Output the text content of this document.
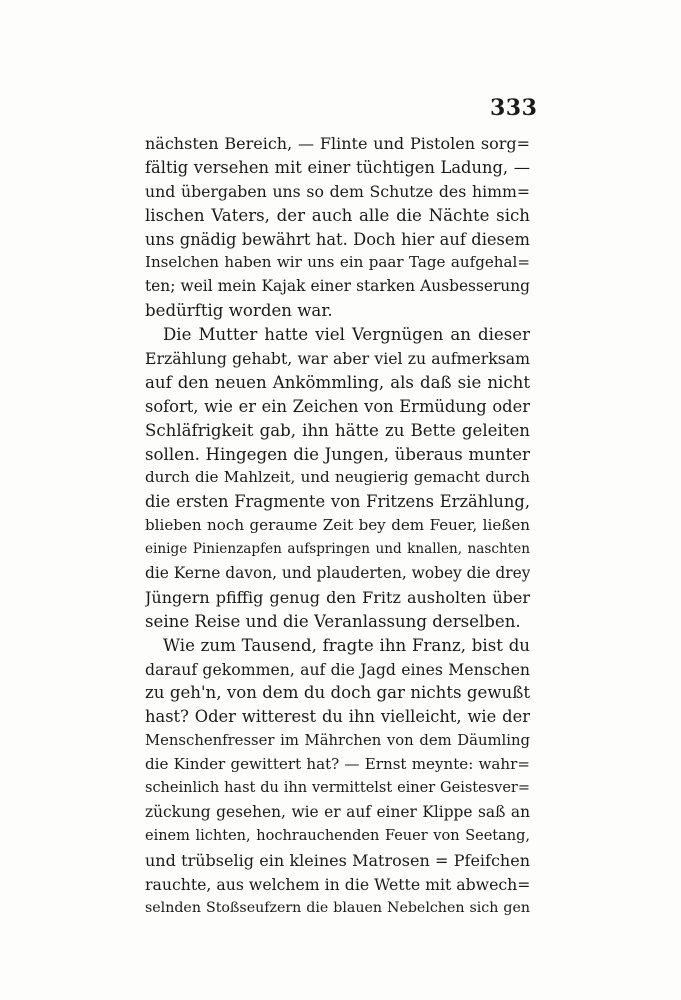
333
nächsten Bereich, — Flinte und Pistolen sorg=
fältig versehen mit einer tüchtigen Ladung, —
und übergaben uns so dem Schutze des himm=
lischen Vaters, der auch alle die Nächte sich
uns gnädig bewährt hat. Doch hier auf diesem
Inselchen haben wir uns ein paar Tage aufgehal=
ten; weil mein Kajak einer starken Ausbesserung
bedürftig worden war.
Die Mutter hatte viel Vergnügen an dieser
Erzählung gehabt, war aber viel zu aufmerksam
auf den neuen Ankömmling, als daß sie nicht
sofort, wie er ein Zeichen von Ermüdung oder
Schläfrigkeit gab, ihn hätte zu Bette geleiten
sollen. Hingegen die Jungen, überaus munter
durch die Mahlzeit, und neugierig gemacht durch
die ersten Fragmente von Fritzens Erzählung,
blieben noch geraume Zeit bey dem Feuer, ließen
einige Pinienzapfen aufspringen und knallen, naschten
die Kerne davon, und plauderten, wobey die drey
Jüngern pfiffig genug den Fritz ausholten über
seine Reise und die Veranlassung derselben.
Wie zum Tausend, fragte ihn Franz, bist du
darauf gekommen, auf die Jagd eines Menschen
zu geh'n, von dem du doch gar nichts gewußt
hast? Oder witterest du ihn vielleicht, wie der
Menschenfresser im Mährchen von dem Däumling
die Kinder gewittert hat? — Ernst meynte: wahr=
scheinlich hast du ihn vermittelst einer Geistesver=
zückung gesehen, wie er auf einer Klippe saß an
einem lichten, hochrauchenden Feuer von Seetang,
und trübselig ein kleines Matrosen = Pfeifchen
rauchte, aus welchem in die Wette mit abwech=
selnden Stoßseufzern die blauen Nebelchen sich gen
